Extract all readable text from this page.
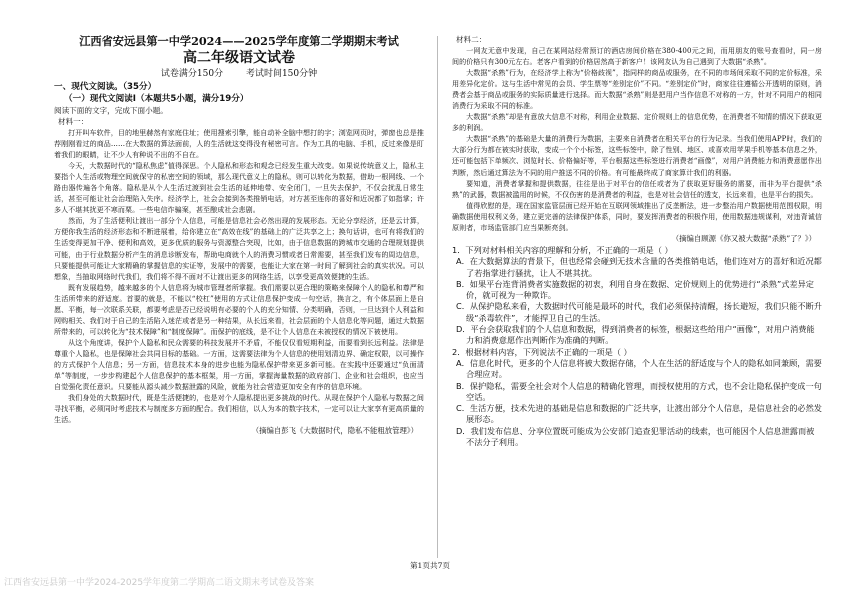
江西省安远县第一中学2024——2025学年度第二学期期末考试
高二年级语文试卷
试卷满分150分	考试时间150分钟
一、现代文阅读。（35分）
（一）现代文阅读Ⅰ（本题共5小题，满分19分）
阅读下面的文字，完成下面小题。
材料一：

打开叫车软件，目的地里赫然有家庭住址；使用搜索引擎，能自动补全脑中想打的字；浏览网页时，弹窗也总是推荐刚刚看过的商品……在大数据的算法面前，人的生活就这变得没有秘密可言。作为工具的电脑、手机，反过来像是盯着我们的眼睛，让不少人有种说不出的不自在。

今天，大数据时代的“隐私焦虑”值得深思。个人隐私和形态和观念已经发生重大改变。如果说传统意义上，隐私主要指个人生活或物理空间就保守的私密空间的领域，那么现代意义上的隐私，则可以转化为数据，借助一根网线、一个路由器传遍各个角落。隐私是从个人生活过渡到社会生活的延伸地带、安全闭门，一旦失去保护，不仅会扰乱日常生活，甚至可能让社会治理陷入失序。经济学上，社会会接到各类推销电话，对方甚至连你的喜好和近况都了如指掌；许多人不堪其扰更不寒而栗。一些电信诈骗案，甚至酿成社会悲剧。

然而，为了生活便利让渡出一部分个人信息，可能是信息社会必然出现的发展形态。无论分享经济，还是云计算，方便你我生活的经济形态和不断进展着，给你建立在“高效在线”的基础上的广泛共享之上；换句话讲，也可有将我们的生活变得更加干净、便利和高效，更多优质的服务与资源整合突现，比如，由于信息数据的跨城市交通的合理规划提供可能，由于行业数据分析产生的消息诊断发布，帮助电商就个人的消费习惯或者日常需要，甚至我们发布的周边信息，只要能提供可能让大家精确的掌握信息的实证等，发展中的需要，也能让大家在第一时间了解到社会的真实状况。可以想象，当抽取网络时代我们，我们将不得不面对不让渡出更多的网络生活，以享受更高效便捷的生活。

既有发展趋势，越来越多的个人信息将为城市管理者所掌握。我们需要以更合理的策略来保障个人的隐私和尊严和生活所带来的舒适度。首要的就是，不能以“校杠”使用的方式让信息保护变成一句空话，换言之，有个体层面上是自愿、平衡，每一次联系关联，都要考虑是否已经说明有必要的个人的充分知情、分类明确，否则，一旦达到个人利益和网购相关、我们对于自己的生活陷入迷茫或者是另一种结果，从长远来看，社会层面的个人信息化等问题，通过大数据所带来的，可以转化为“技术保障”和“制度保障”。而保护的底线，是不让个人信息在未被授权的情况下被使用。

从这个角度讲，保护个人隐私和民众需要的科技发展并不矛盾，不能仅仅看短期利益，而要看到长远利益。法律是尊重个人隐私，也是保障社会共同目标的基础。一方面，这需要法律为个人信息的使用划清边界、确定权限，以可操作的方式保护个人信息；另一方面，信息技术本身的进步也能为隐私保护带来更多新可能。在实践中还要通过“负面清单”等制度，一步步构建起个人信息保护的基本框架，用一方面，掌握海量数据的政府部门、企业和社会组织，也应当自觉强化责任意识。只要能从源头减少数据泄露的风险，就能为社会营造更加安全有序的信息环境。

我们身处的大数据时代，既是生活便捷的，也是对个人隐私提出更多挑战的时代。从现在保护个人隐私与数据之间寻找平衡，必须同时考虑技术与制度多方面的配合。我们相信，以人为本的数字技术，一定可以让大家享有更高质量的生活。

（摘编自彭飞《大数据时代，隐私不能粗放管理》）
材料二：

一网友无意中发现，自己在某网站经常预订的酒店房间价格在380-400元之间，而用朋友的账号查看时，同一房间的价格只有300元左右。老客户看到的价格居然高于新客户！该网友认为自己遇到了大数据“杀熟”。

大数据“杀熟”行为，在经济学上称为“价格歧视”，指同样的商品或服务，在不同的市场间采取不同的定价标准，采用差异化定价。这与生活中常见的会员、学生票等“差别定价”不同。“差别定价”时，商家往往遵循公开透明的原则，消费者会基于商品或服务的实际质量进行选择。而大数据“杀熟”则是把用户当作信息不对称的一方，针对不同用户的相同消费行为采取不同的标准。

大数据“杀熟”却是有意放大信息不对称，利用企业数据、定价规则上的信息优势，在消费者不知情的情况下获取更多的利润。

大数据“杀熟”的基础是大量的消费行为数据，主要来自消费者在相关平台的行为记录。当我们使用APP时，我们的大部分行为都在被实时获取，变成一个个小标签，这些标签中，除了性别、地区、或喜欢用苹果手机等基本信息之外，还可能包括下单频次、浏览时长、价格偏好等，平台根据这些标签进行消费者“画像”，对用户消费能力和消费意愿作出判断，然后通过算法为不同的用户推送不同的价格。有可能最终成了商家算计我们的利器。

要知道，消费者掌握和提供数据，往往是出于对平台的信任或者为了获取更好服务的需要，而非为平台提供“杀熟”的武器，数据被滥用的时候，不仅伤害的是消费者的利益，也是对社会信任的透支，长远来看，也是平台的损失。

值得欣慰的是，现在国家监管层面已经开始在互联网领域推出了反垄断法，进一步整治用户数据使用范围权限，明确数据使用权利义务，建立更完善的法律保护体系，同时，要发挥消费者的积极作用，使用数据违规谋利，对违背诚信原则者，市场监管部门应当果断亮剑。

（摘编自顾源《你又被大数据“杀熟”了？》）
1．下列对材料相关内容的理解和分析，不正确的一项是（ ）
A．在大数据算法的背景下，但也经常会碰到无技术含量的各类推销电话，他们连对方的喜好和近况都了若指掌进行骚扰，让人不堪其扰。
B．如果平台连背消费者实施数据的初衷，利用自身在数据、定价规则上的优势进行“杀熟”式差异定价，就可视为一种欺诈。
C．从保护隐私来看，大数据时代可能是最坏的时代，我们必须保持清醒，扬长避短，我们只能不断升级“杀毒软件”，才能捍卫自己的生活。
D．平台会获取我们的个人信息和数据，得到消费者的标签，根据这些给用户“画像”，对用户消费能力和消费意愿作出判断作为准确的判断。
2．根据材料内容，下列说法不正确的一项是（ ）
A．信息化时代，更多的个人信息将被大数据存储，个人在生活的舒适度与个人的隐私如同兼顾，需要合理应对。
B．保护隐私，需要全社会对个人信息的精确化管理，而授权使用的方式，也不会让隐私保护变成一句空话。
C．生活方便，技术先进的基础是信息和数据的广泛共享，让渡出部分个人信息，是信息社会的必然发展形态。
D．我们发布信息、分享位置既可能成为公安部门追查犯罪活动的线索，也可能因个人信息泄露而被不法分子利用。
第1页共7页
江西省安远县第一中学2024-2025学年度第二学期高二语文期末考试卷及答案
